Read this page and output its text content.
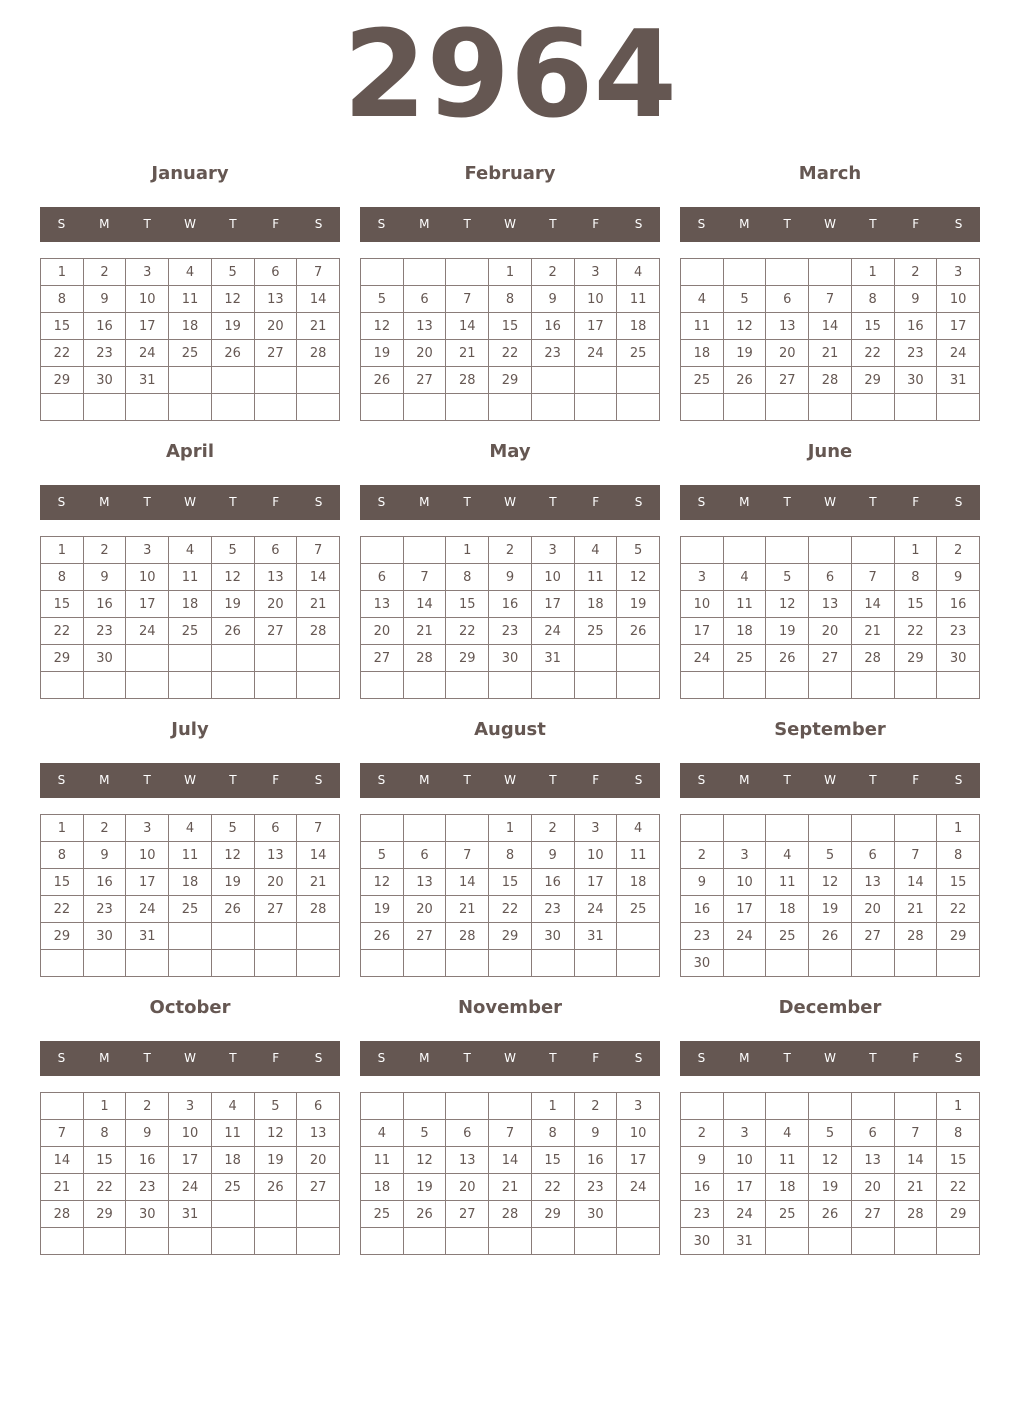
2964
January
S	M	T	W	T	F	S
1	2	3	4	5	6	7
8	9	10	11	12	13	14
15	16	17	18	19	20	21
22	23	24	25	26	27	28
29	30	31				

February
S	M	T	W	T	F	S
			1	2	3	4
5	6	7	8	9	10	11
12	13	14	15	16	17	18
19	20	21	22	23	24	25
26	27	28	29			

March
S	M	T	W	T	F	S
				1	2	3
4	5	6	7	8	9	10
11	12	13	14	15	16	17
18	19	20	21	22	23	24
25	26	27	28	29	30	31

April
S	M	T	W	T	F	S
1	2	3	4	5	6	7
8	9	10	11	12	13	14
15	16	17	18	19	20	21
22	23	24	25	26	27	28
29	30					

May
S	M	T	W	T	F	S
		1	2	3	4	5
6	7	8	9	10	11	12
13	14	15	16	17	18	19
20	21	22	23	24	25	26
27	28	29	30	31		

June
S	M	T	W	T	F	S
					1	2
3	4	5	6	7	8	9
10	11	12	13	14	15	16
17	18	19	20	21	22	23
24	25	26	27	28	29	30

July
S	M	T	W	T	F	S
1	2	3	4	5	6	7
8	9	10	11	12	13	14
15	16	17	18	19	20	21
22	23	24	25	26	27	28
29	30	31				

August
S	M	T	W	T	F	S
			1	2	3	4
5	6	7	8	9	10	11
12	13	14	15	16	17	18
19	20	21	22	23	24	25
26	27	28	29	30	31	

September
S	M	T	W	T	F	S
						1
2	3	4	5	6	7	8
9	10	11	12	13	14	15
16	17	18	19	20	21	22
23	24	25	26	27	28	29
30						
October
S	M	T	W	T	F	S
	1	2	3	4	5	6
7	8	9	10	11	12	13
14	15	16	17	18	19	20
21	22	23	24	25	26	27
28	29	30	31			

November
S	M	T	W	T	F	S
				1	2	3
4	5	6	7	8	9	10
11	12	13	14	15	16	17
18	19	20	21	22	23	24
25	26	27	28	29	30	

December
S	M	T	W	T	F	S
						1
2	3	4	5	6	7	8
9	10	11	12	13	14	15
16	17	18	19	20	21	22
23	24	25	26	27	28	29
30	31					
